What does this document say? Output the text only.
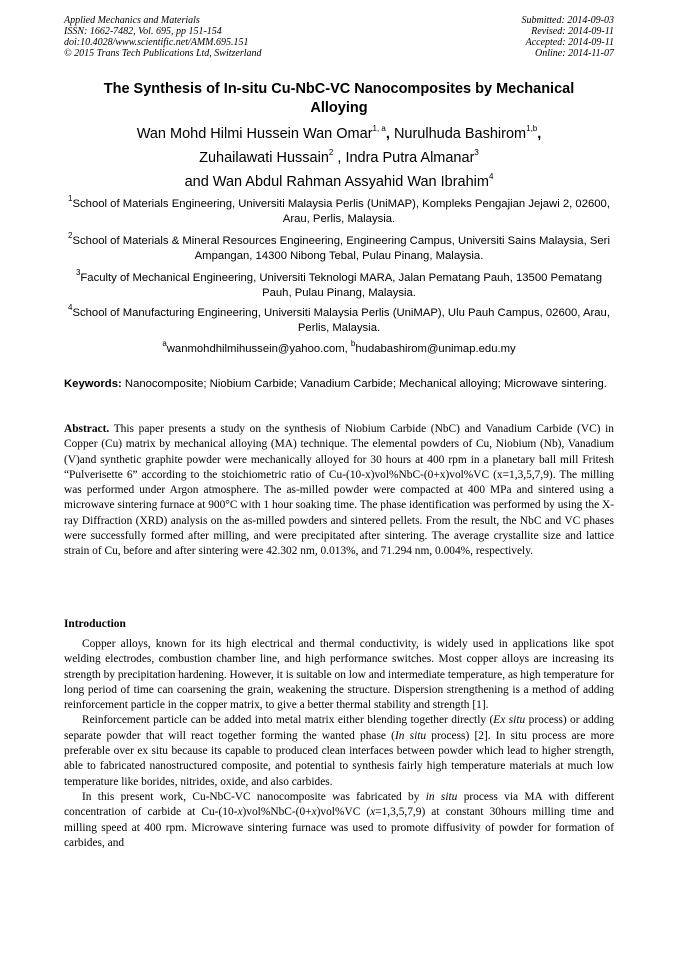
Applied Mechanics and Materials
ISSN: 1662-7482, Vol. 695, pp 151-154
doi:10.4028/www.scientific.net/AMM.695.151
© 2015 Trans Tech Publications Ltd, Switzerland
Submitted: 2014-09-03
Revised: 2014-09-11
Accepted: 2014-09-11
Online: 2014-11-07
The Synthesis of In-situ Cu-NbC-VC Nanocomposites by Mechanical
Alloying
Wan Mohd Hilmi Hussein Wan Omar$^{1, a}$, Nurulhuda Bashirom$^{1,b}$,
Zuhailawati Hussain$^2$ , Indra Putra Almanar$^3$
and Wan Abdul Rahman Assyahid Wan Ibrahim$^4$
$^1$School of Materials Engineering, Universiti Malaysia Perlis (UniMAP), Kompleks Pengajian Jejawi 2, 02600, Arau, Perlis, Malaysia.
$^2$School of Materials & Mineral Resources Engineering, Engineering Campus, Universiti Sains Malaysia, Seri Ampangan, 14300 Nibong Tebal, Pulau Pinang, Malaysia.
$^3$Faculty of Mechanical Engineering, Universiti Teknologi MARA, Jalan Pematang Pauh, 13500 Pematang Pauh, Pulau Pinang, Malaysia.
$^4$School of Manufacturing Engineering, Universiti Malaysia Perlis (UniMAP), Ulu Pauh Campus, 02600, Arau, Perlis, Malaysia.
$^a$wanmohdhilmihussein@yahoo.com, $^b$hudabashirom@unimap.edu.my
Keywords: Nanocomposite; Niobium Carbide; Vanadium Carbide; Mechanical alloying; Microwave sintering.
Abstract. This paper presents a study on the synthesis of Niobium Carbide (NbC) and Vanadium Carbide (VC) in Copper (Cu) matrix by mechanical alloying (MA) technique. The elemental powders of Cu, Niobium (Nb), Vanadium (V)and synthetic graphite powder were mechanically alloyed for 30 hours at 400 rpm in a planetary ball mill Fritesh “Pulverisette 6” according to the stoichiometric ratio of Cu-(10-x)vol%NbC-(0+x)vol%VC (x=1,3,5,7,9). The milling was performed under Argon atmosphere. The as-milled powder were compacted at 400 MPa and sintered using a microwave sintering furnace at 900°C with 1 hour soaking time. The phase identification was performed by using the X-ray Diffraction (XRD) analysis on the as-milled powders and sintered pellets. From the result, the NbC and VC phases were successfully formed after milling, and were precipitated after sintering. The average crystallite size and lattice strain of Cu, before and after sintering were 42.302 nm, 0.013%, and 71.294 nm, 0.004%, respectively.
Introduction

Copper alloys, known for its high electrical and thermal conductivity, is widely used in applications like spot welding electrodes, combustion chamber line, and high performance switches. Most copper alloys are increasing its strength by precipitation hardening. However, it is suitable on low and intermediate temperature, as high temperature for long period of time can coarsening the grain, weakening the structure. Dispersion strengthening is a method of adding reinforcement particle in the copper matrix, to give a better thermal stability and strength [1].

Reinforcement particle can be added into metal matrix either blending together directly (Ex situ process) or adding separate powder that will react together forming the wanted phase (In situ process) [2]. In situ process are more preferable over ex situ because its capable to produced clean interfaces between powder which lead to higher strength, able to fabricated nanostructured composite, and potential to synthesis fairly high temperature materials at much low temperature like borides, nitrides, oxide, and also carbides.

In this present work, Cu-NbC-VC nanocomposite was fabricated by in situ process via MA with different concentration of carbide at Cu-(10-x)vol%NbC-(0+x)vol%VC (x=1,3,5,7,9) at constant 30hours milling time and milling speed at 400 rpm. Microwave sintering furnace was used to promote diffusivity of powder for formation of carbides, and
